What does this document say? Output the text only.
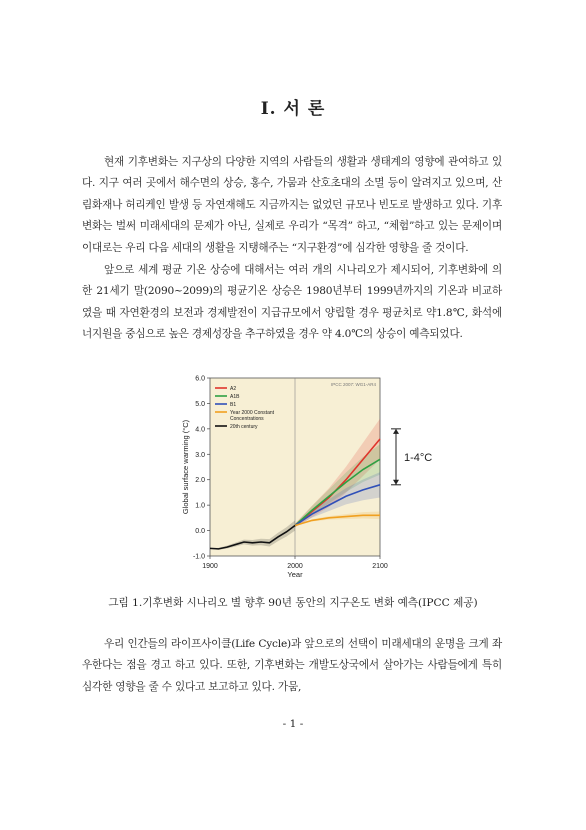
I. 서 론

현재 기후변화는 지구상의 다양한 지역의 사람들의 생활과 생태계의 영향에 관여하고 있다. 지구 여러 곳에서 해수면의 상승, 홍수, 가뭄과 산호초대의 소멸 등이 알려지고 있으며, 산림화재나 허리케인 발생 등 자연재해도 지금까지는 없었던 규모나 빈도로 발생하고 있다. 기후변화는 벌써 미래세대의 문제가 아닌, 실제로 우리가 “목격” 하고, “체험”하고 있는 문제이며 이대로는 우리 다음 세대의 생활을 지탱해주는 “지구환경”에 심각한 영향을 줄 것이다.

앞으로 세계 평균 기온 상승에 대해서는 여러 개의 시나리오가 제시되어, 기후변화에 의한 21세기 말(2090~2099)의 평균기온 상승은 1980년부터 1999년까지의 기온과 비교하였을 때 자연환경의 보전과 경제발전이 지급규모에서 양립할 경우 평균치로 약1.8℃, 화석에너지원을 중심으로 높은 경제성장을 추구하였을 경우 약 4.0℃의 상승이 예측되었다.

IPCC 2007: WG1-AR4
-1.0
0.0
1.0
2.0
3.0
4.0
5.0
6.0
1900	2000	2100
Year
Global surface warming (°C)
A2
A1B
B1
Year 2000 Constant
Concentrations
20th century
1-4°C
그림 1.기후변화 시나리오 별 향후 90년 동안의 지구온도 변화 예측(IPCC 제공)

우리 인간들의 라이프사이클(Life Cycle)과 앞으로의 선택이 미래세대의 운명을 크게 좌우한다는 점을 경고 하고 있다. 또한, 기후변화는 개발도상국에서 살아가는 사람들에게 특히 심각한 영향을 줄 수 있다고 보고하고 있다. 가뭄,

- 1 -
